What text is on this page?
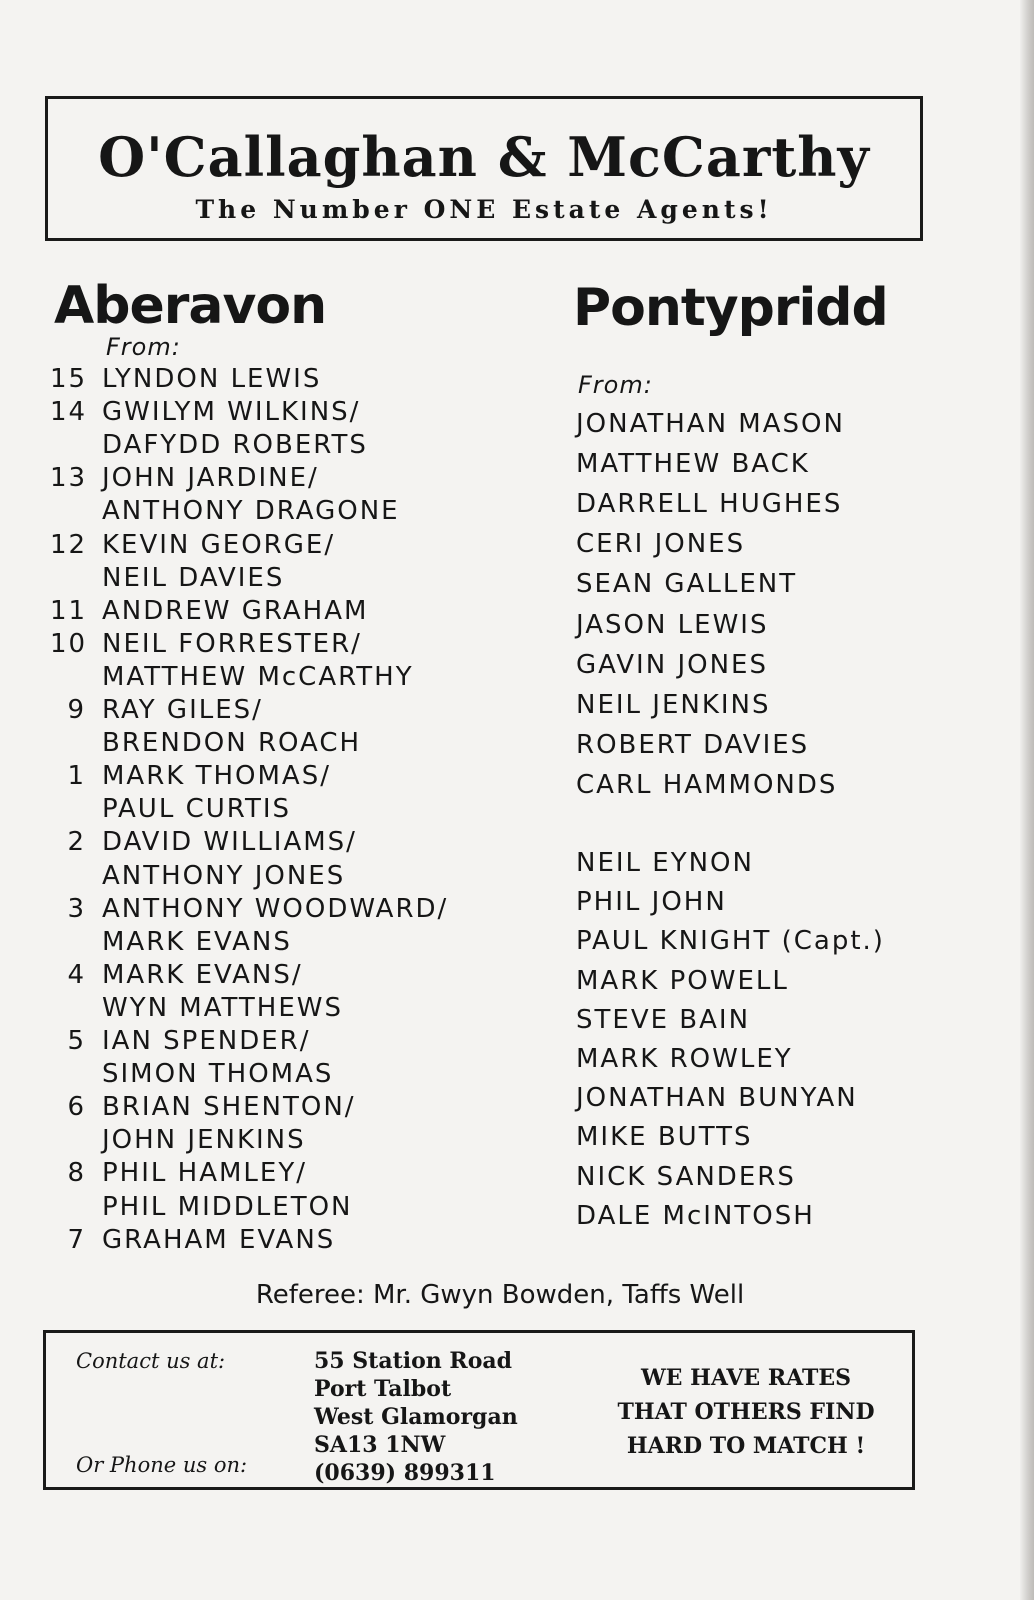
O'Callaghan & McCarthy
The Number ONE Estate Agents!
Aberavon
From:
15 LYNDON LEWIS
14 GWILYM WILKINS/
DAFYDD ROBERTS
13 JOHN JARDINE/
ANTHONY DRAGONE
12 KEVIN GEORGE/
NEIL DAVIES
11 ANDREW GRAHAM
10 NEIL FORRESTER/
MATTHEW McCARTHY
9 RAY GILES/
BRENDON ROACH
1 MARK THOMAS/
PAUL CURTIS
2 DAVID WILLIAMS/
ANTHONY JONES
3 ANTHONY WOODWARD/
MARK EVANS
4 MARK EVANS/
WYN MATTHEWS
5 IAN SPENDER/
SIMON THOMAS
6 BRIAN SHENTON/
JOHN JENKINS
8 PHIL HAMLEY/
PHIL MIDDLETON
7 GRAHAM EVANS
Pontypridd
From:
JONATHAN MASON
MATTHEW BACK
DARRELL HUGHES
CERI JONES
SEAN GALLENT
JASON LEWIS
GAVIN JONES
NEIL JENKINS
ROBERT DAVIES
CARL HAMMONDS
NEIL EYNON
PHIL JOHN
PAUL KNIGHT (Capt.)
MARK POWELL
STEVE BAIN
MARK ROWLEY
JONATHAN BUNYAN
MIKE BUTTS
NICK SANDERS
DALE McINTOSH
Referee: Mr. Gwyn Bowden, Taffs Well
Contact us at:
Or Phone us on:
55 Station Road
Port Talbot
West Glamorgan
SA13 1NW
(0639) 899311
WE HAVE RATES
THAT OTHERS FIND
HARD TO MATCH !
